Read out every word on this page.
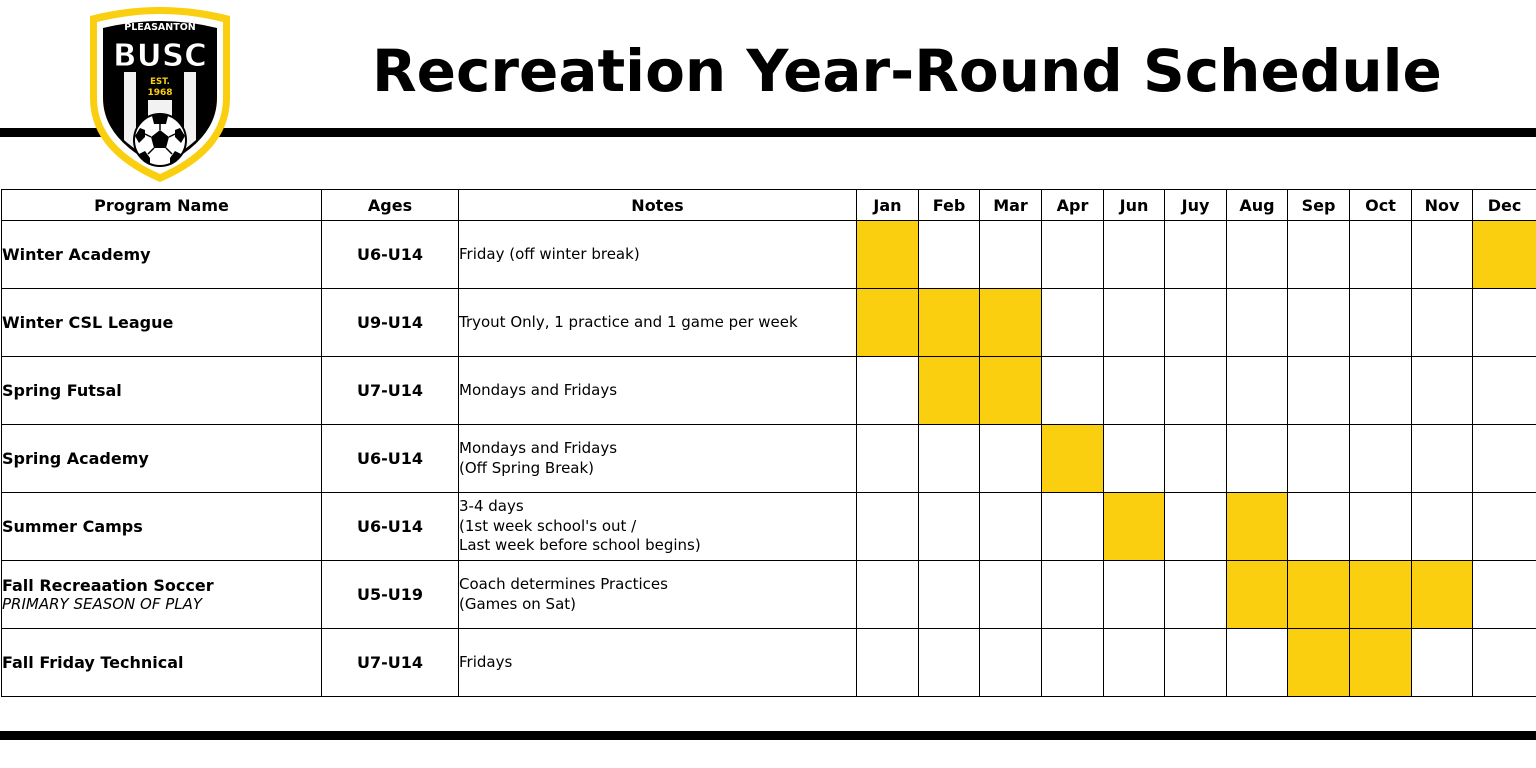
PLEASANTON
BUSC
EST.
1968	Recreation Year-Round Schedule
Program Name	Ages	Notes	Jan	Feb	Mar	Apr	Jun	Juy	Aug	Sep	Oct	Nov	Dec
Winter Academy	U6-U14	Friday (off winter break)											
Winter CSL League	U9-U14	Tryout Only, 1 practice and 1 game per week											
Spring Futsal	U7-U14	Mondays and Fridays											
Spring Academy	U6-U14	Mondays and Fridays
(Off Spring Break)											
Summer Camps	U6-U14	3-4 days
(1st week school's out /
Last week before school begins)											
Fall Recreaation Soccer
PRIMARY SEASON OF PLAY	U5-U19	Coach determines Practices
(Games on Sat)											
Fall Friday Technical	U7-U14	Fridays											
